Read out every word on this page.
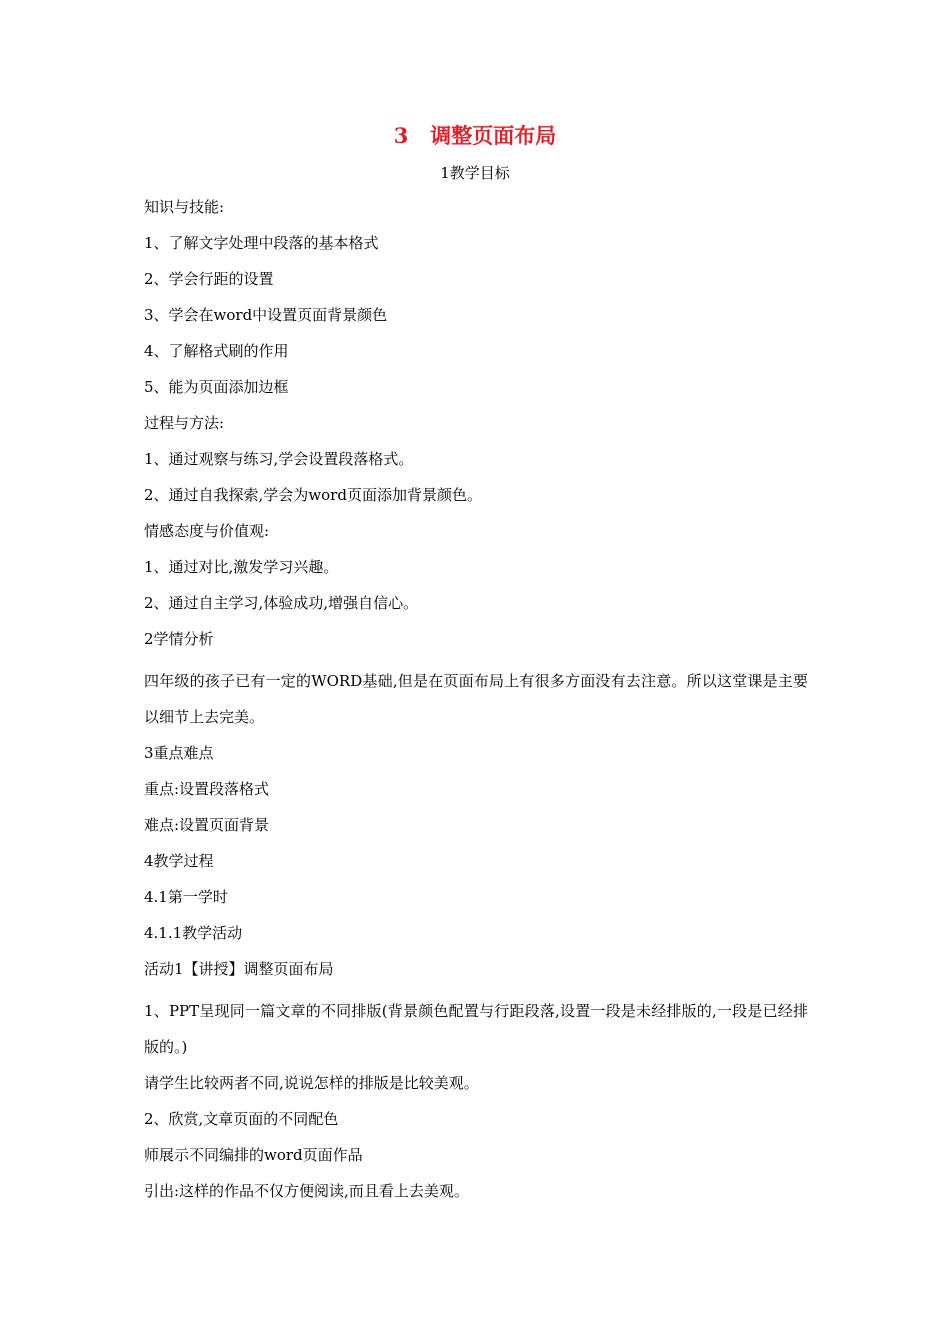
3   调整页面布局
1教学目标
知识与技能:
1、了解文字处理中段落的基本格式
2、学会行距的设置
3、学会在word中设置页面背景颜色
4、了解格式刷的作用
5、能为页面添加边框
过程与方法:
1、通过观察与练习,学会设置段落格式。
2、通过自我探索,学会为word页面添加背景颜色。
情感态度与价值观:
1、通过对比,激发学习兴趣。
2、通过自主学习,体验成功,增强自信心。
2学情分析
四年级的孩子已有一定的WORD基础,但是在页面布局上有很多方面没有去注意。所以这堂课是主要以细节上去完美。
3重点难点
重点:设置段落格式
难点:设置页面背景
4教学过程
4.1第一学时
4.1.1教学活动
活动1【讲授】调整页面布局
1、PPT呈现同一篇文章的不同排版(背景颜色配置与行距段落,设置一段是未经排版的,一段是已经排版的。)
请学生比较两者不同,说说怎样的排版是比较美观。
2、欣赏,文章页面的不同配色
师展示不同编排的word页面作品
引出:这样的作品不仅方便阅读,而且看上去美观。
